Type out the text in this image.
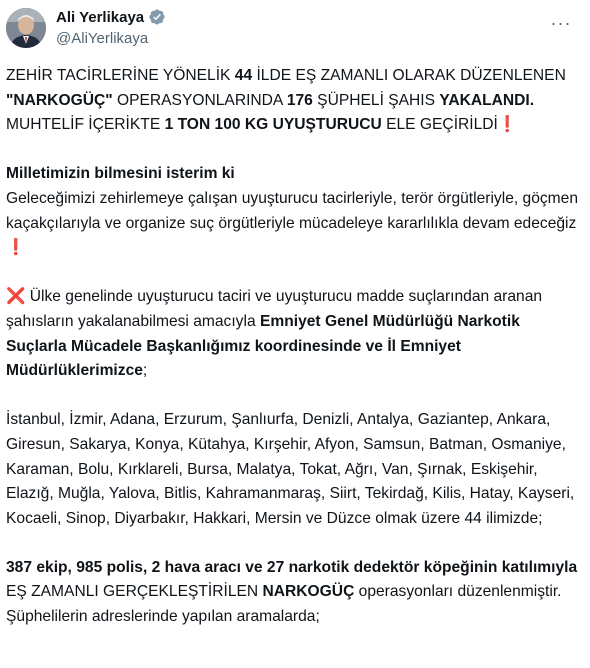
Ali Yerlikaya
@AliYerlikaya
···

ZEHİR TACİRLERİNE YÖNELİK 44 İLDE EŞ ZAMANLI OLARAK DÜZENLENEN "NARKOGÜÇ" OPERASYONLARINDA 176 ŞÜPHELİ ŞAHIS YAKALANDI. MUHTELİF İÇERİKTE 1 TON 100 KG UYUŞTURUCU ELE GEÇİRİLDİ❗

Milletimizin bilmesini isterim ki
Geleceğimizi zehirlemeye çalışan uyuşturucu tacirleriyle, terör örgütleriyle, göçmen kaçakçılarıyla ve organize suç örgütleriyle mücadeleye kararlılıkla devam edeceğiz ❗

❌ Ülke genelinde uyuşturucu taciri ve uyuşturucu madde suçlarından aranan şahısların yakalanabilmesi amacıyla Emniyet Genel Müdürlüğü Narkotik Suçlarla Mücadele Başkanlığımız koordinesinde ve İl Emniyet Müdürlüklerimizce;

İstanbul, İzmir, Adana, Erzurum, Şanlıurfa, Denizli, Antalya, Gaziantep, Ankara, Giresun, Sakarya, Konya, Kütahya, Kırşehir, Afyon, Samsun, Batman, Osmaniye, Karaman, Bolu, Kırklareli, Bursa, Malatya, Tokat, Ağrı, Van, Şırnak, Eskişehir, Elazığ, Muğla, Yalova, Bitlis, Kahramanmaraş, Siirt, Tekirdağ, Kilis, Hatay, Kayseri, Kocaeli, Sinop, Diyarbakır, Hakkari, Mersin ve Düzce olmak üzere 44 ilimizde;

387 ekip, 985 polis, 2 hava aracı ve 27 narkotik dedektör köpeğinin katılımıyla EŞ ZAMANLI GERÇEKLEŞTİRİLEN NARKOGÜÇ operasyonları düzenlenmiştir. Şüphelilerin adreslerinde yapılan aramalarda;
